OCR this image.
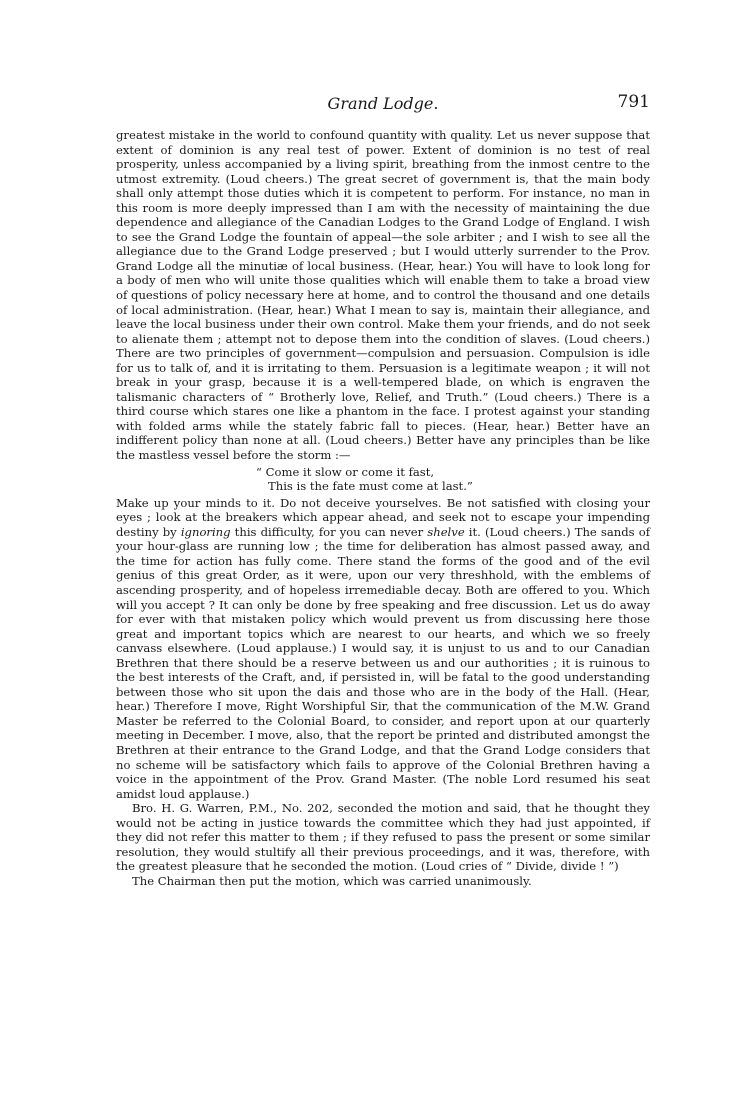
Grand Lodge.	791

greatest mistake in the world to confound quantity with quality. Let us never suppose that extent of dominion is any real test of power. Extent of dominion is no test of real prosperity, unless accompanied by a living spirit, breathing from the inmost centre to the utmost extremity. (Loud cheers.) The great secret of government is, that the main body shall only attempt those duties which it is competent to perform. For instance, no man in this room is more deeply impressed than I am with the necessity of maintaining the due dependence and allegiance of the Canadian Lodges to the Grand Lodge of England. I wish to see the Grand Lodge the fountain of appeal—the sole arbiter ; and I wish to see all the allegiance due to the Grand Lodge preserved ; but I would utterly surrender to the Prov. Grand Lodge all the minutiæ of local business. (Hear, hear.) You will have to look long for a body of men who will unite those qualities which will enable them to take a broad view of questions of policy necessary here at home, and to control the thousand and one details of local administration. (Hear, hear.) What I mean to say is, maintain their allegiance, and leave the local business under their own control. Make them your friends, and do not seek to alienate them ; attempt not to depose them into the condition of slaves. (Loud cheers.) There are two principles of government—compulsion and persuasion. Compulsion is idle for us to talk of, and it is irritating to them. Persuasion is a legitimate weapon ; it will not break in your grasp, because it is a well-tempered blade, on which is engraven the talismanic characters of “ Brotherly love, Relief, and Truth.” (Loud cheers.) There is a third course which stares one like a phantom in the face. I protest against your standing with folded arms while the stately fabric fall to pieces. (Hear, hear.) Better have an indifferent policy than none at all. (Loud cheers.) Better have any principles than be like the mastless vessel before the storm :—

“ Come it slow or come it fast,
This is the fate must come at last.”

Make up your minds to it. Do not deceive yourselves. Be not satisfied with closing your eyes ; look at the breakers which appear ahead, and seek not to escape your impending destiny by ignoring this difficulty, for you can never shelve it. (Loud cheers.) The sands of your hour-glass are running low ; the time for deliberation has almost passed away, and the time for action has fully come. There stand the forms of the good and of the evil genius of this great Order, as it were, upon our very threshhold, with the emblems of ascending prosperity, and of hopeless irremediable decay. Both are offered to you. Which will you accept ? It can only be done by free speaking and free discussion. Let us do away for ever with that mistaken policy which would prevent us from discussing here those great and important topics which are nearest to our hearts, and which we so freely canvass elsewhere. (Loud applause.) I would say, it is unjust to us and to our Canadian Brethren that there should be a reserve between us and our authorities ; it is ruinous to the best interests of the Craft, and, if persisted in, will be fatal to the good understanding between those who sit upon the dais and those who are in the body of the Hall. (Hear, hear.) Therefore I move, Right Worshipful Sir, that the communication of the M.W. Grand Master be referred to the Colonial Board, to consider, and report upon at our quarterly meeting in December. I move, also, that the report be printed and distributed amongst the Brethren at their entrance to the Grand Lodge, and that the Grand Lodge considers that no scheme will be satisfactory which fails to approve of the Colonial Brethren having a voice in the appointment of the Prov. Grand Master. (The noble Lord resumed his seat amidst loud applause.)

Bro. H. G. Warren, P.M., No. 202, seconded the motion and said, that he thought they would not be acting in justice towards the committee which they had just appointed, if they did not refer this matter to them ; if they refused to pass the present or some similar resolution, they would stultify all their previous proceedings, and it was, therefore, with the greatest pleasure that he seconded the motion. (Loud cries of “ Divide, divide ! ”)

The Chairman then put the motion, which was carried unanimously.
